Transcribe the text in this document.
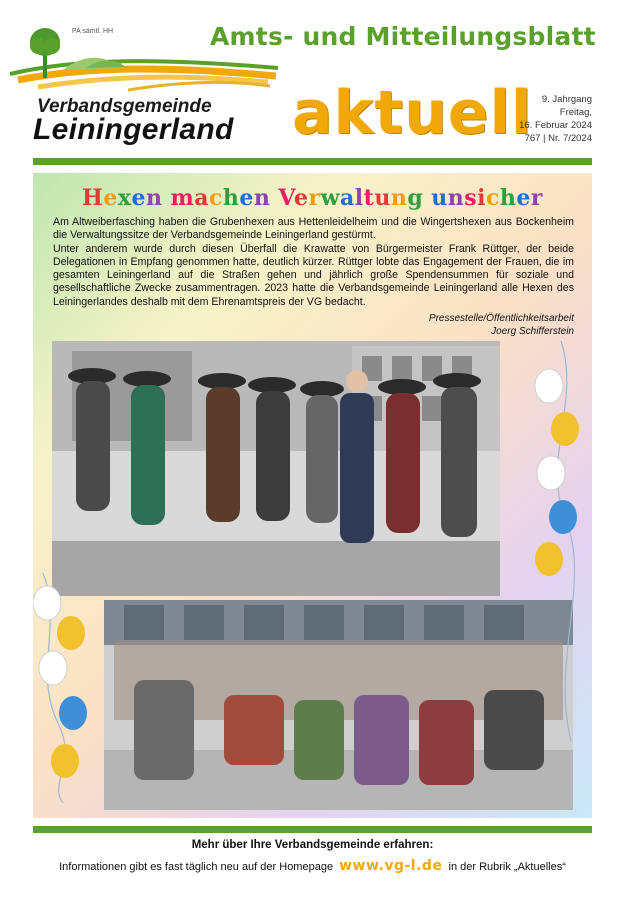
PA sämtl. HH	Amts- und Mitteilungsblatt
Verbandsgemeinde
Leiningerland aktuell 9. Jahrgang
Freitag,
16. Februar 2024
767 | Nr. 7/2024
Hexen machen Verwaltung unsicher

Am Altweiberfasching haben die Grubenhexen aus Hettenleidelheim und die Wingertshexen aus Bockenheim die Verwaltungssitze der Verbandsgemeinde Leiningerland gestürmt.

Unter anderem wurde durch diesen Überfall die Krawatte von Bürgermeister Frank Rüttger, der beide Delegationen in Empfang genommen hatte, deutlich kürzer. Rüttger lobte das Engagement der Frauen, die im gesamten Leiningerland auf die Straßen gehen und jährlich große Spendensummen für soziale und gesellschaftliche Zwecke zusammentragen. 2023 hatte die Verbandsgemeinde Leiningerland alle Hexen des Leiningerlandes deshalb mit dem Ehrenamtspreis der VG bedacht.

Pressestelle/Öffentlichkeitsarbeit
Joerg Schifferstein
Mehr über Ihre Verbandsgemeinde erfahren:
Informationen gibt es fast täglich neu auf der Homepage www.vg-l.de in der Rubrik „Aktuelles“
